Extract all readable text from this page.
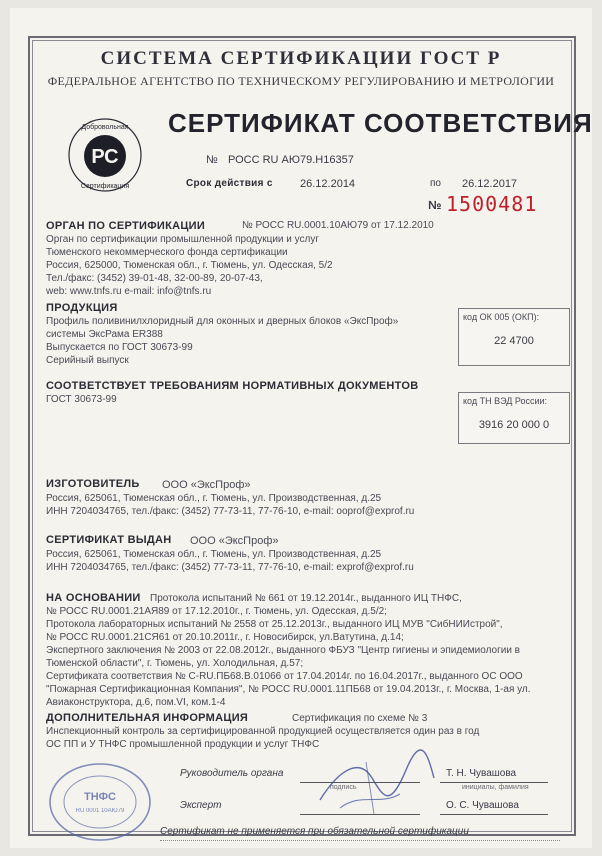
СИСТЕМА СЕРТИФИКАЦИИ ГОСТ Р
ФЕДЕРАЛЬНОЕ АГЕНТСТВО ПО ТЕХНИЧЕСКОМУ РЕГУЛИРОВАНИЮ И МЕТРОЛОГИИ
РС
Добровольная
Сертификация
СЕРТИФИКАТ СООТВЕТСТВИЯ
№ РОСС RU АЮ79.Н16357
Срок действия с 26.12.2014	по 26.12.2017
№ 1500481
ОРГАН ПО СЕРТИФИКАЦИИ	№ РОСС RU.0001.10АЮ79 от 17.12.2010
Орган по сертификации промышленной продукции и услуг
Тюменского некоммерческого фонда сертификации
Россия, 625000, Тюменская обл., г. Тюмень, ул. Одесская, 5/2
Тел./факс: (3452) 39-01-48, 32-00-89, 20-07-43,
web: www.tnfs.ru e-mail: info@tnfs.ru
ПРОДУКЦИЯ
Профиль поливинилхлоридный для оконных и дверных блоков «ЭксПроф»
системы ЭксРама ER388
Выпускается по ГОСТ 30673-99
Серийный выпуск
код ОК 005 (ОКП):
22 4700
СООТВЕТСТВУЕТ ТРЕБОВАНИЯМ НОРМАТИВНЫХ ДОКУМЕНТОВ
ГОСТ 30673-99	код ТН ВЭД России:
3916 20 000 0
ИЗГОТОВИТЕЛЬ ООО «ЭксПроф»
Россия, 625061, Тюменская обл., г. Тюмень, ул. Производственная, д.25
ИНН 7204034765, тел./факс: (3452) 77-73-11, 77-76-10, e-mail: ooprof@exprof.ru
СЕРТИФИКАТ ВЫДАН ООО «ЭксПроф»
Россия, 625061, Тюменская обл., г. Тюмень, ул. Производственная, д.25
ИНН 7204034765, тел./факс: (3452) 77-73-11, 77-76-10, e-mail: exprof@exprof.ru
НА ОСНОВАНИИ Протокола испытаний № 661 от 19.12.2014г., выданного ИЦ ТНФС,
№ РОСС RU.0001.21АЯ89 от 17.12.2010г., г. Тюмень, ул. Одесская, д.5/2;
Протокола лабораторных испытаний № 2558 от 25.12.2013г., выданного ИЦ МУВ "СибНИИстрой",
№ РОСС RU.0001.21СЯ61 от 20.10.2011г., г. Новосибирск, ул.Ватутина, д.14;
Экспертного заключения № 2003 от 22.08.2012г., выданного ФБУЗ "Центр гигиены и эпидемиологии в
Тюменской области", г. Тюмень, ул. Холодильная, д.57;
Сертификата соответствия № С-RU.ПБ68.В.01066 от 17.04.2014г. по 16.04.2017г., выданного ОС ООО
"Пожарная Сертификационная Компания", № РОСС RU.0001.11ПБ68 от 19.04.2013г., г. Москва, 1-ая ул.
Авиаконструктора, д.6, пом.VI, ком.1-4
ДОПОЛНИТЕЛЬНАЯ ИНФОРМАЦИЯ	Сертификация по схеме № 3
Инспекционный контроль за сертифицированной продукцией осуществляется один раз в год
ОС ПП и У ТНФС промышленной продукции и услуг ТНФС
ТНФС
RU 0001 10АЮ79
Руководитель органа
подпись
Т. Н. Чувашова
инициалы, фамилия
Эксперт	О. С. Чувашова
Сертификат не применяется при обязательной сертификации
